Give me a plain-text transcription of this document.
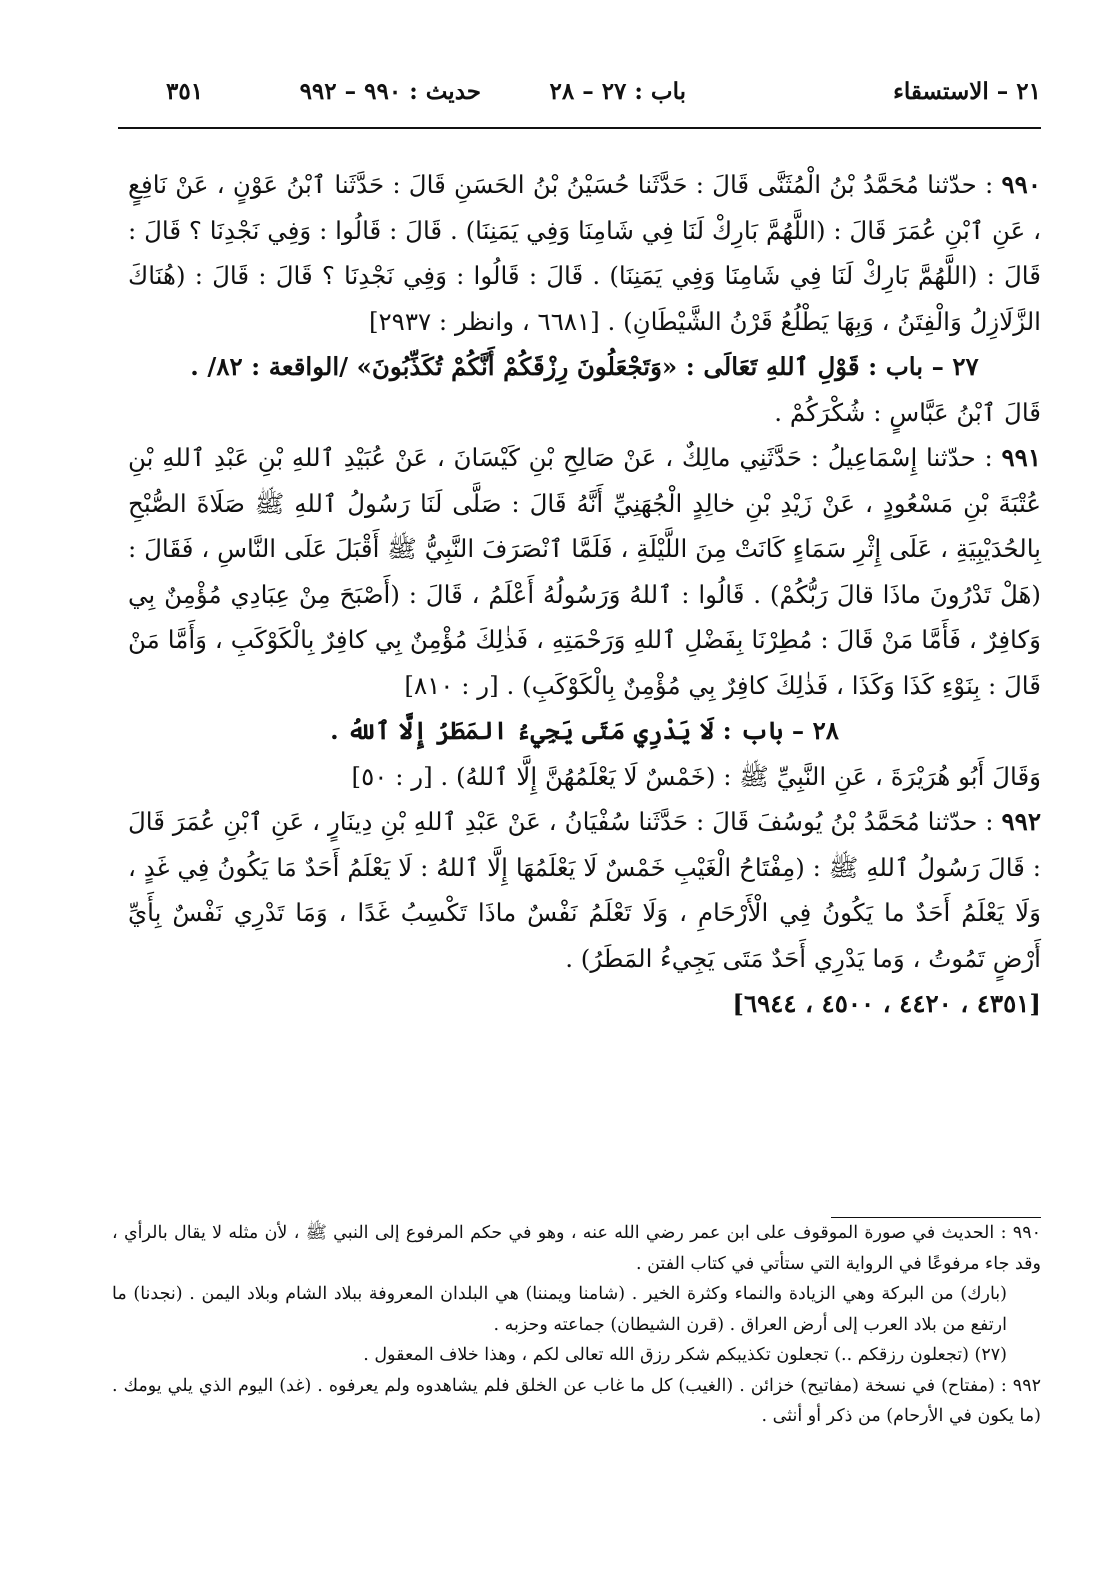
٢١ – الاستسقاء
باب : ٢٧ – ٢٨
حديث : ٩٩٠ – ٩٩٢
٣٥١

٩٩٠ : حدّثنا مُحَمَّدُ بْنُ الْمُثَنَّى قَالَ : حَدَّثَنا حُسَيْنُ بْنُ الحَسَنِ قَالَ : حَدَّثَنا ٱبْنُ عَوْنٍ ، عَنْ نَافِعٍ ، عَنِ ٱبْنِ عُمَرَ قَالَ : (اللَّهُمَّ بَارِكْ لَنَا فِي شَامِنَا وَفِي يَمَنِنَا) . قَالَ : قَالُوا : وَفِي نَجْدِنَا ؟ قَالَ : قَالَ : (اللَّهُمَّ بَارِكْ لَنَا فِي شَامِنَا وَفِي يَمَنِنَا) . قَالَ : قَالُوا : وَفِي نَجْدِنَا ؟ قَالَ : قَالَ : (هُنَاكَ الزَّلَازِلُ وَالْفِتَنُ ، وَبِهَا يَطْلُعُ قَرْنُ الشَّيْطَانِ) . [٦٦٨١ ، وانظر : ٢٩٣٧]

٢٧ – باب : قَوْلِ ٱللهِ تَعَالَى : «وَتَجْعَلُونَ رِزْقَكُمْ أَنَّكُمْ تُكَذِّبُونَ» /الواقعة : ٨٢/ .

قَالَ ٱبْنُ عَبَّاسٍ : شُكْرَكُمْ .

٩٩١ : حدّثنا إِسْمَاعِيلُ : حَدَّثَنِي مالِكٌ ، عَنْ صَالِحِ بْنِ كَيْسَانَ ، عَنْ عُبَيْدِ ٱللهِ بْنِ عَبْدِ ٱللهِ بْنِ عُتْبَةَ بْنِ مَسْعُودٍ ، عَنْ زَيْدِ بْنِ خالِدٍ الْجُهَنِيِّ أَنَّهُ قَالَ : صَلَّى لَنَا رَسُولُ ٱللهِ ﷺ صَلَاةَ الصُّبْحِ بِالحُدَيْبِيَةِ ، عَلَى إِثْرِ سَمَاءٍ كَانَتْ مِنَ اللَّيْلَةِ ، فَلَمَّا ٱنْصَرَفَ النَّبِيُّ ﷺ أَقْبَلَ عَلَى النَّاسِ ، فَقَالَ : (هَلْ تَدْرُونَ ماذَا قالَ رَبُّكُمْ) . قَالُوا : ٱللهُ وَرَسُولُهُ أَعْلَمُ ، قَالَ : (أَصْبَحَ مِنْ عِبَادِي مُؤْمِنٌ بِي وَكافِرٌ ، فَأَمَّا مَنْ قَالَ : مُطِرْنَا بِفَضْلِ ٱللهِ وَرَحْمَتِهِ ، فَذٰلِكَ مُؤْمِنٌ بِي كافِرٌ بِالْكَوْكَبِ ، وَأَمَّا مَنْ قَالَ : بِنَوْءِ كَذَا وَكَذَا ، فَذٰلِكَ كافِرٌ بِي مُؤْمِنٌ بِالْكَوْكَبِ) . [ر : ٨١٠]

٢٨ – باب : لَا يَدْرِي مَتَى يَجِيءُ المَطَرُ إِلَّا ٱللهُ .

وَقَالَ أَبُو هُرَيْرَةَ ، عَنِ النَّبِيِّ ﷺ : (خَمْسٌ لَا يَعْلَمُهُنَّ إِلَّا ٱللهُ) . [ر : ٥٠]

٩٩٢ : حدّثنا مُحَمَّدُ بْنُ يُوسُفَ قَالَ : حَدَّثَنا سُفْيَانُ ، عَنْ عَبْدِ ٱللهِ بْنِ دِينَارٍ ، عَنِ ٱبْنِ عُمَرَ قَالَ : قَالَ رَسُولُ ٱللهِ ﷺ : (مِفْتَاحُ الْغَيْبِ خَمْسٌ لَا يَعْلَمُهَا إِلَّا ٱللهُ : لَا يَعْلَمُ أَحَدٌ مَا يَكُونُ فِي غَدٍ ، وَلَا يَعْلَمُ أَحَدٌ ما يَكُونُ فِي الْأَرْحَامِ ، وَلَا تَعْلَمُ نَفْسٌ ماذَا تَكْسِبُ غَدًا ، وَمَا تَدْرِي نَفْسٌ بِأَيِّ أَرْضٍ تَمُوتُ ، وَما يَدْرِي أَحَدٌ مَتَى يَجِيءُ المَطَرُ) .

[٤٣٥١ ، ٤٤٢٠ ، ٤٥٠٠ ، ٦٩٤٤]

٩٩٠ : الحديث في صورة الموقوف على ابن عمر رضي الله عنه ، وهو في حكم المرفوع إلى النبي ﷺ ، لأن مثله لا يقال بالرأي ، وقد جاء مرفوعًا في الرواية التي ستأتي في كتاب الفتن .

(بارك) من البركة وهي الزيادة والنماء وكثرة الخير . (شامنا ويمننا) هي البلدان المعروفة ببلاد الشام وبلاد اليمن . (نجدنا) ما ارتفع من بلاد العرب إلى أرض العراق . (قرن الشيطان) جماعته وحزبه .

(٢٧) (تجعلون رزقكم ..) تجعلون تكذيبكم شكر رزق الله تعالى لكم ، وهذا خلاف المعقول .

٩٩٢ : (مفتاح) في نسخة (مفاتيح) خزائن . (الغيب) كل ما غاب عن الخلق فلم يشاهدوه ولم يعرفوه . (غد) اليوم الذي يلي يومك . (ما يكون في الأرحام) من ذكر أو أنثى .
